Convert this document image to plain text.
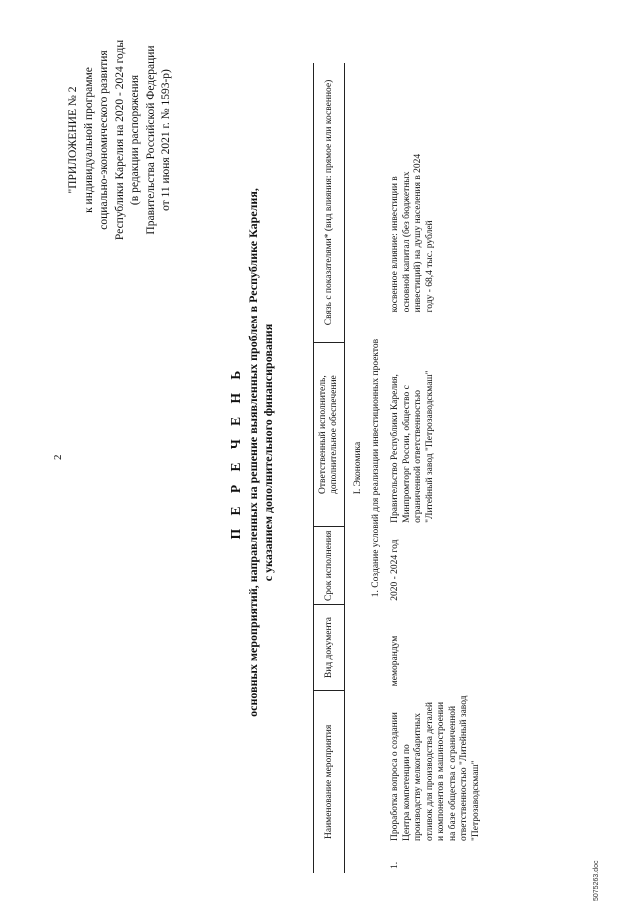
2
"ПРИЛОЖЕНИЕ № 2 к индивидуальной программе социально-экономического развития Республики Карелия на 2020 - 2024 годы (в редакции распоряжения Правительства Российской Федерации от 11 июня 2021 г. № 1593-р)
П Е Р Е Ч Е Н Ь основных мероприятий, направленных на решение выявленных проблем в Республике Карелия, с указанием дополнительного финансирования
Наименование мероприятия	Вид документа	Срок исполнения	Ответственный исполнитель, дополнительное обеспечение	Связь с показателями* (вид влияния: прямое или косвенное)
I. Экономика				
1. Создание условий для реализации инвестиционных проектов				
1.Проработка вопроса о создании Центра компетенции по производству мелкогабаритных отливок для производства деталей и компонентов в машиностроении на базе общества с ограниченной ответственностью "Литейный завод "Петрозаводскмаш"	меморандум	2020 - 2024 год	Правительство Республики Карелия, Минпромторг России, общество с ограниченной ответственностью "Литейный завод "Петрозаводскмаш"	косвенное влияние: инвестиции в основной капитал (без бюджетных инвестиций) на душу населения в 2024 году - 68,4 тыс. рублей
5075263.doc
